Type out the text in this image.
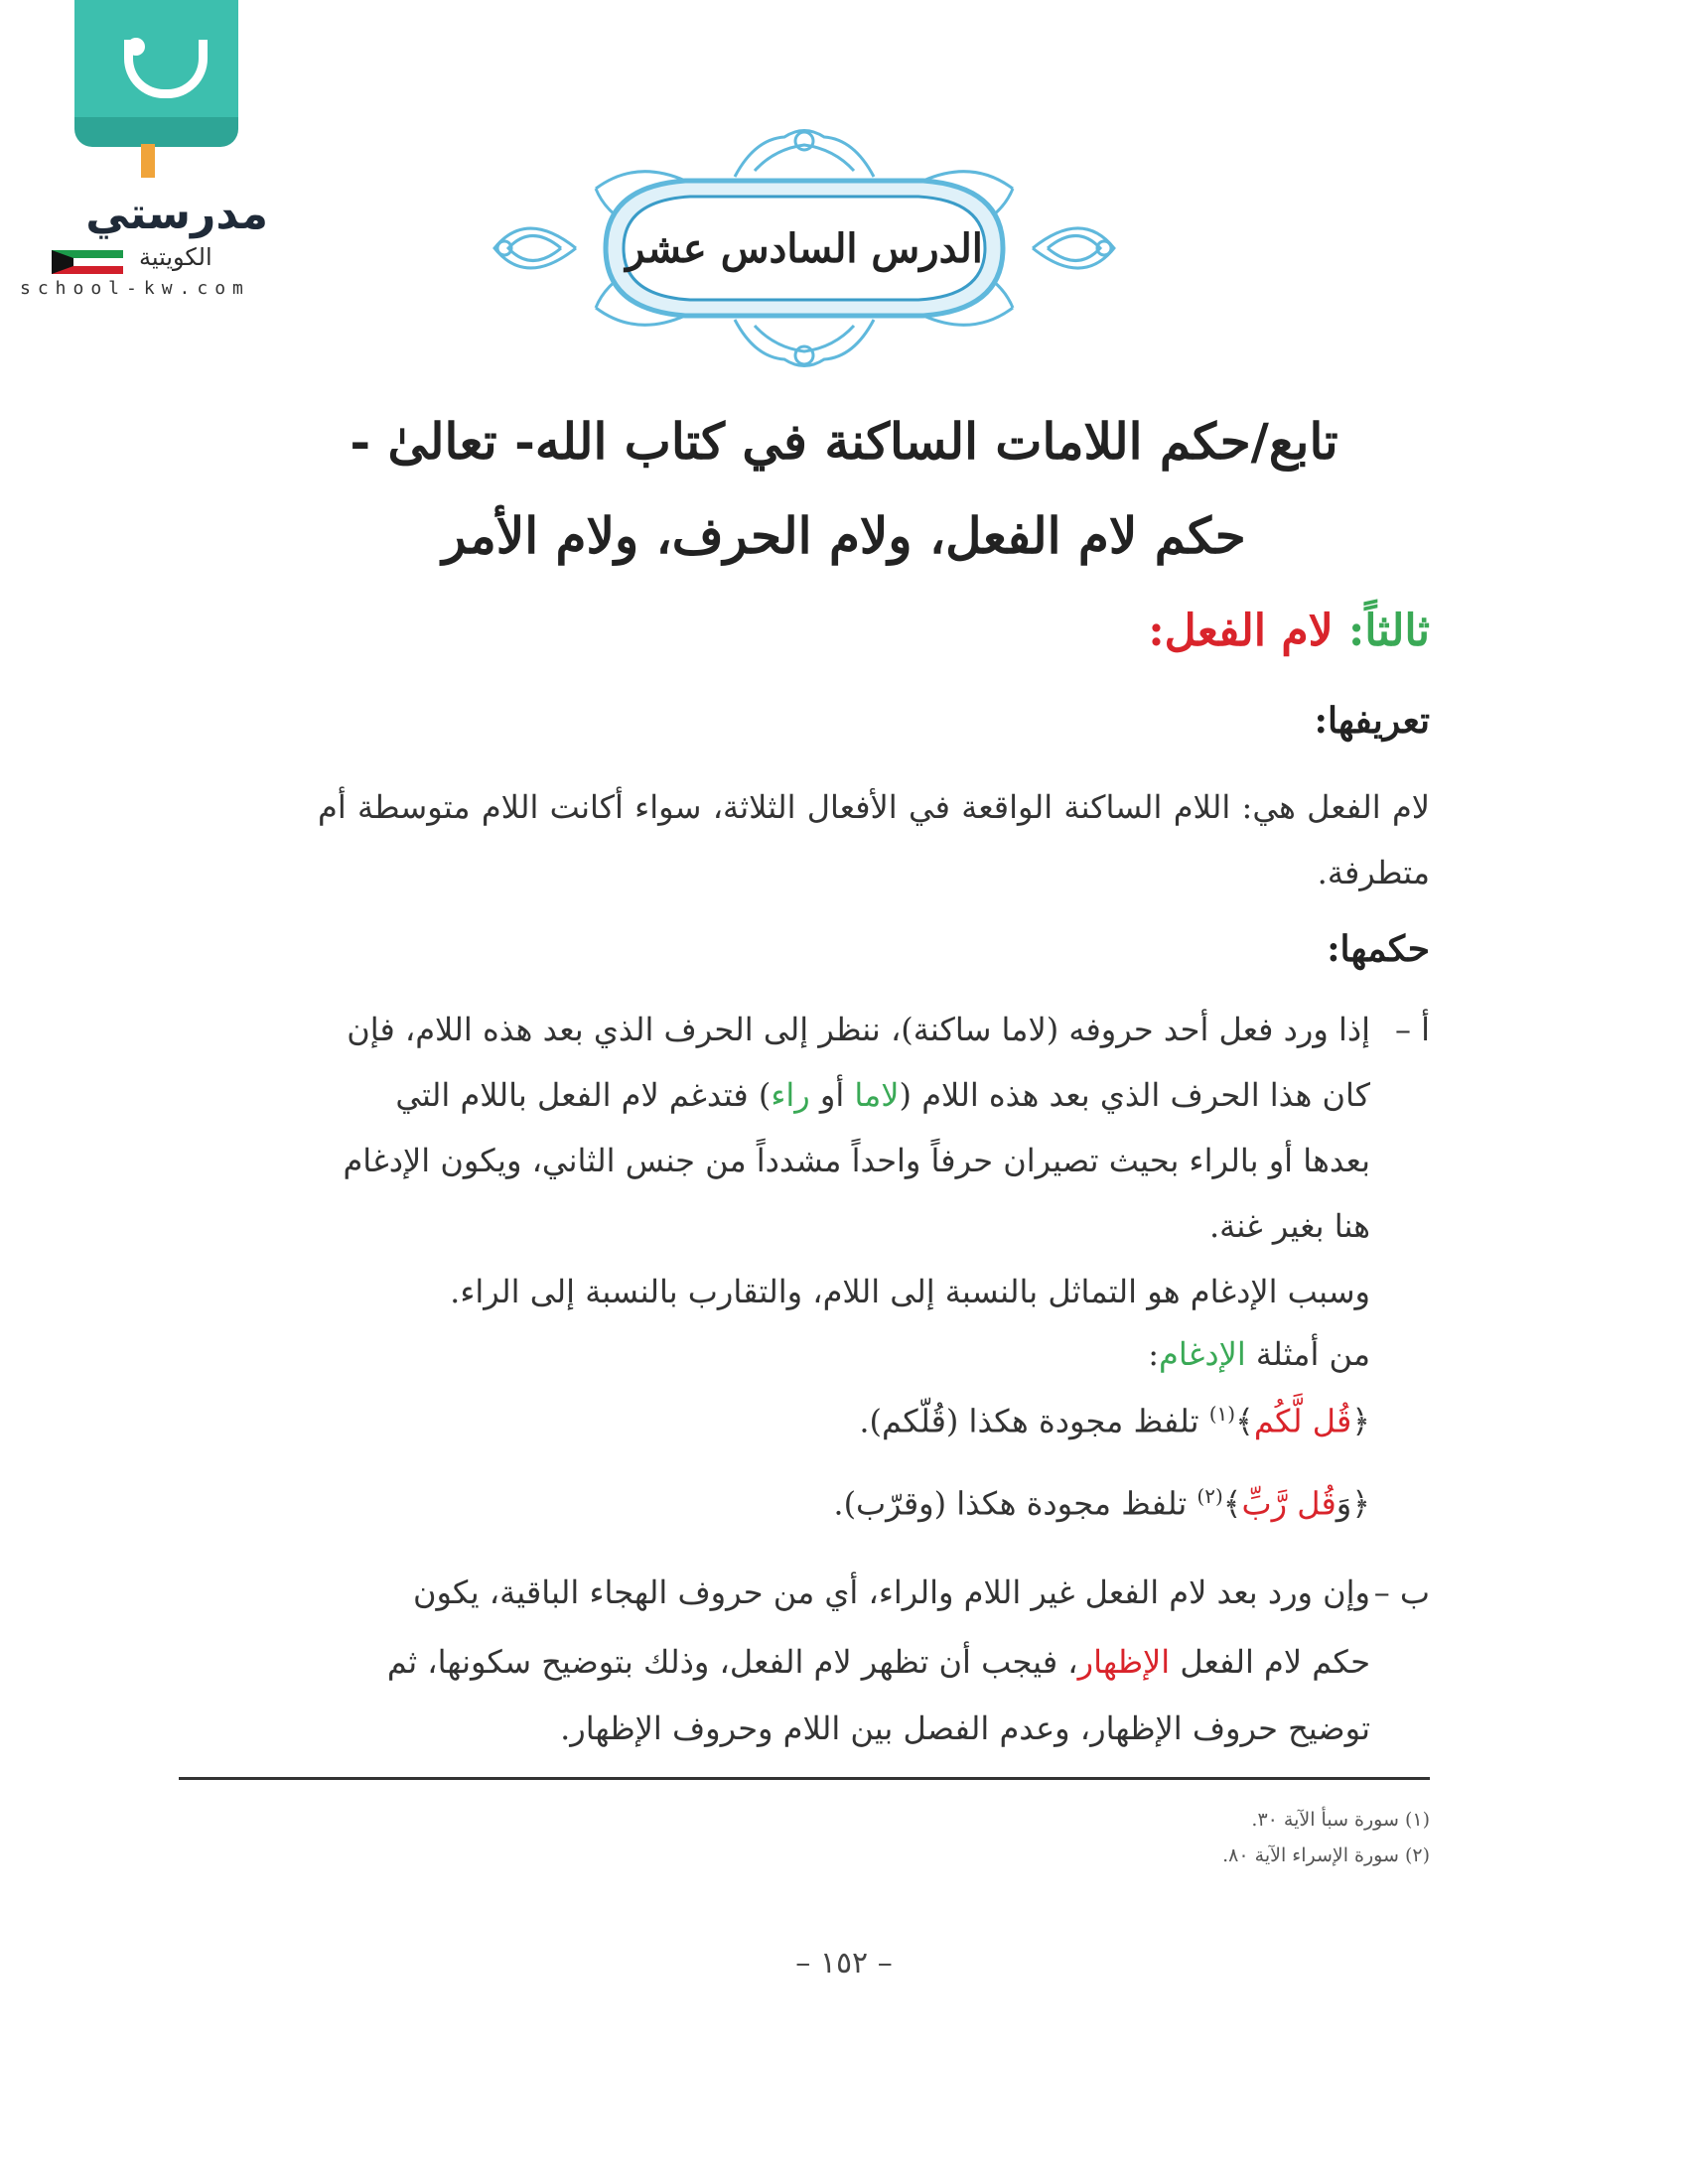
مدرستي
الكويتية
school-kw.com
الدرس السادس عشر
تابع/حكم اللامات الساكنة في كتاب الله- تعالىٰ -
حكم لام الفعل، ولام الحرف، ولام الأمر
ثالثاً: لام الفعل:
تعريفها:
لام الفعل هي: اللام الساكنة الواقعة في الأفعال الثلاثة، سواء أكانت اللام متوسطة أم متطرفة.
حكمها:
أ –
إذا ورد فعل أحد حروفه (لاما ساكنة)، ننظر إلى الحرف الذي بعد هذه اللام، فإن
كان هذا الحرف الذي بعد هذه اللام (لاما أو راء) فتدغم لام الفعل باللام التي
بعدها أو بالراء بحيث تصيران حرفاً واحداً مشدداً من جنس الثاني، ويكون الإدغام
هنا بغير غنة.
وسبب الإدغام هو التماثل بالنسبة إلى اللام، والتقارب بالنسبة إلى الراء.
من أمثلة الإدغام:
﴿قُل لَّكُم﴾$^{(١)}$ تلفظ مجودة هكذا (قُلّكم).
﴿وَقُل رَّبِّ﴾$^{(٢)}$ تلفظ مجودة هكذا (وقرّب).
ب –
وإن ورد بعد لام الفعل غير اللام والراء، أي من حروف الهجاء الباقية، يكون
حكم لام الفعل الإظهار، فيجب أن تظهر لام الفعل، وذلك بتوضيح سكونها، ثم
توضيح حروف الإظهار، وعدم الفصل بين اللام وحروف الإظهار.
(١) سورة سبأ الآية ٣٠.
(٢) سورة الإسراء الآية ٨٠.
– ١٥٢ –
